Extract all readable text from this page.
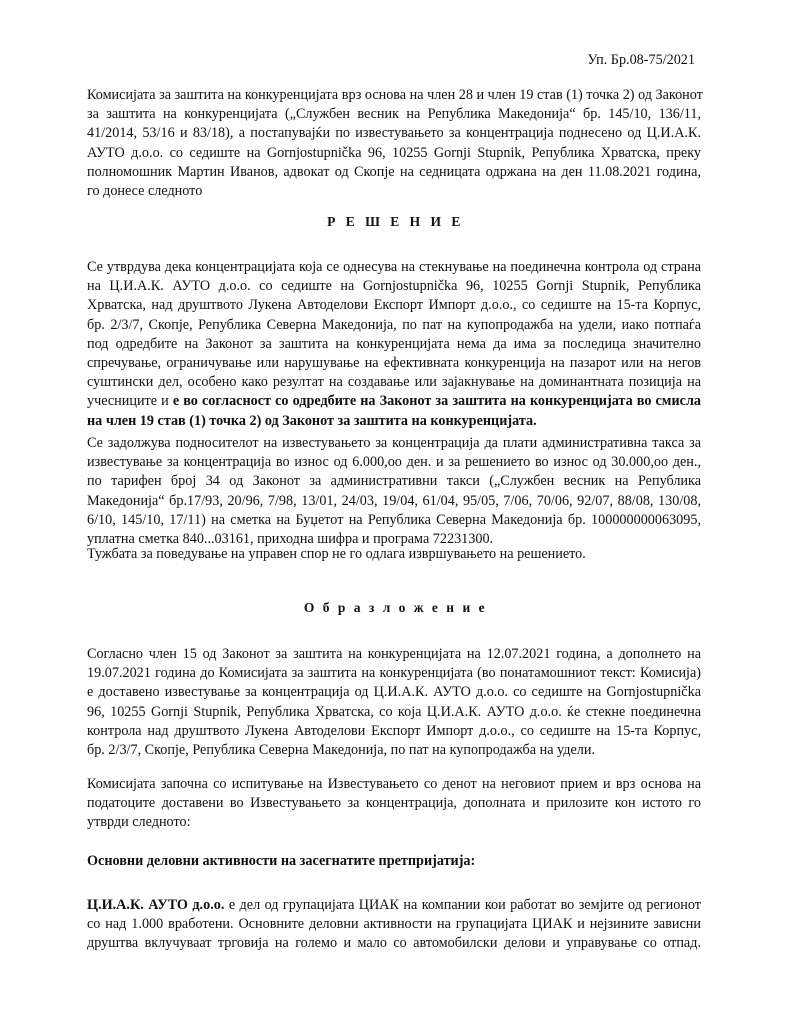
Уп. Бр.08-75/2021
Комисијата за заштита на конкуренцијата врз основа на член 28 и член 19 став (1) точка 2) од Законот
за заштита на конкуренцијата („Службен весник на Република Македонија“ бр. 145/10, 136/11,
41/2014, 53/16 и 83/18), а постапувајќи по известувањето за концентрација поднесено од Ц.И.А.К.
АУТО д.о.о. со седиште на Gornjostupnička 96, 10255 Gornji Stupnik, Република Хрватска, преку
полномошник Мартин Иванов, адвокат од Скопје на седницата одржана на ден 11.08.2021 година,
го донесе следното
Р Е Ш Е Н И Е
Се утврдува дека концентрацијата која се однесува на стекнување на поединечна контрола од страна
на Ц.И.А.К. АУТО д.о.о. со седиште на Gornjostupnička 96, 10255 Gornji Stupnik, Република
Хрватска, над друштвото Лукена Автоделови Експорт Импорт д.о.о., со седиште на 15-та Корпус,
бр. 2/3/7, Скопје, Република Северна Македонија, по пат на купопродажба на удели, иако потпаѓа
под одредбите на Законот за заштита на конкуренцијата нема да има за последица значително
спречување, ограничување или нарушување на ефективната конкуренција на пазарот или на негов
суштински дел, особено како резултат на создавање или зајакнување на доминантната позиција на
учесниците и е во согласност со одредбите на Законот за заштита на конкуренцијата во смисла
на член 19 став (1) точка 2) од Законот за заштита на конкуренцијата.
Се задолжува подносителот на известувањето за концентрација да плати административна такса за
известување за концентрација во износ од 6.000,оо ден. и за решението во износ од 30.000,оо ден.,
по тарифен број 34 од Законот за административни такси („Службен весник на Република
Македонија“ бр.17/93, 20/96, 7/98, 13/01, 24/03, 19/04, 61/04, 95/05, 7/06, 70/06, 92/07, 88/08, 130/08,
6/10, 145/10, 17/11) на сметка на Буџетот на Република Северна Македонија бр. 100000000063095,
уплатна сметка 840...03161, приходна шифра и програма 72231300.
Тужбата за поведување на управен спор не го одлага извршувањето на решението.
О б р а з л о ж е н и е
Согласно член 15 од Законот за заштита на конкуренцијата на 12.07.2021 година, а дополнето на
19.07.2021 година до Комисијата за заштита на конкуренцијата (во понатамошниот текст: Комисија)
е доставено известување за концентрација од Ц.И.А.К. АУТО д.о.о. со седиште на Gornjostupnička
96, 10255 Gornji Stupnik, Република Хрватска, со која Ц.И.А.К. АУТО д.о.о. ќе стекне поединечна
контрола над друштвото Лукена Автоделови Експорт Импорт д.о.о., со седиште на 15-та Корпус,
бр. 2/3/7, Скопје, Република Северна Македонија, по пат на купопродажба на удели.
Комисијата започна со испитување на Известувањето со денот на неговиот прием и врз основа на
податоците доставени во Известувањето за концентрација, дополната и прилозите кон истото го
утврди следното:
Основни деловни активности на засегнатите претпријатија:
Ц.И.А.К. АУТО д.о.о. е дел од групацијата ЦИАК на компании кои работат во земјите од регионот
со над 1.000 вработени. Основните деловни активности на групацијата ЦИАК и нејзините зависни
друштва вклучуваат трговија на големо и мало со автомобилски делови и управување со отпад.
